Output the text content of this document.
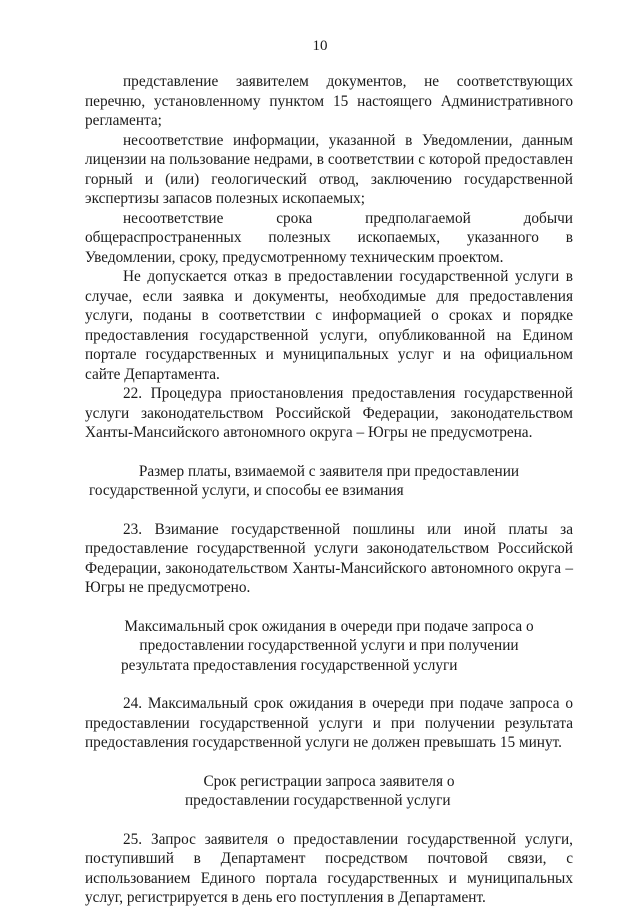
10

представление заявителем документов, не соответствующих перечню, установленному пунктом 15 настоящего Административного регламента;

несоответствие информации, указанной в Уведомлении, данным лицензии на пользование недрами, в соответствии с которой предоставлен горный и (или) геологический отвод, заключению государственной экспертизы запасов полезных ископаемых;

несоответствие срока предполагаемой добычи общераспространенных полезных ископаемых, указанного в Уведомлении, сроку, предусмотренному техническим проектом.

Не допускается отказ в предоставлении государственной услуги в случае, если заявка и документы, необходимые для предоставления услуги, поданы в соответствии с информацией о сроках и порядке предоставления государственной услуги, опубликованной на Едином портале государственных и муниципальных услуг и на официальном сайте Департамента.

22. Процедура приостановления предоставления государственной услуги законодательством Российской Федерации, законодательством Ханты-Мансийского автономного округа – Югры не предусмотрена.

Размер платы, взимаемой с заявителя при предоставлении государственной услуги, и способы ее взимания

23. Взимание государственной пошлины или иной платы за предоставление государственной услуги законодательством Российской Федерации, законодательством Ханты-Мансийского автономного округа – Югры не предусмотрено.

Максимальный срок ожидания в очереди при подаче запроса о предоставлении государственной услуги и при получении результата предоставления государственной услуги

24. Максимальный срок ожидания в очереди при подаче запроса о предоставлении государственной услуги и при получении результата предоставления государственной услуги не должен превышать 15 минут.

Срок регистрации запроса заявителя о предоставлении государственной услуги

25. Запрос заявителя о предоставлении государственной услуги, поступивший в Департамент посредством почтовой связи, с использованием Единого портала государственных и муниципальных услуг, регистрируется в день его поступления в Департамент.
